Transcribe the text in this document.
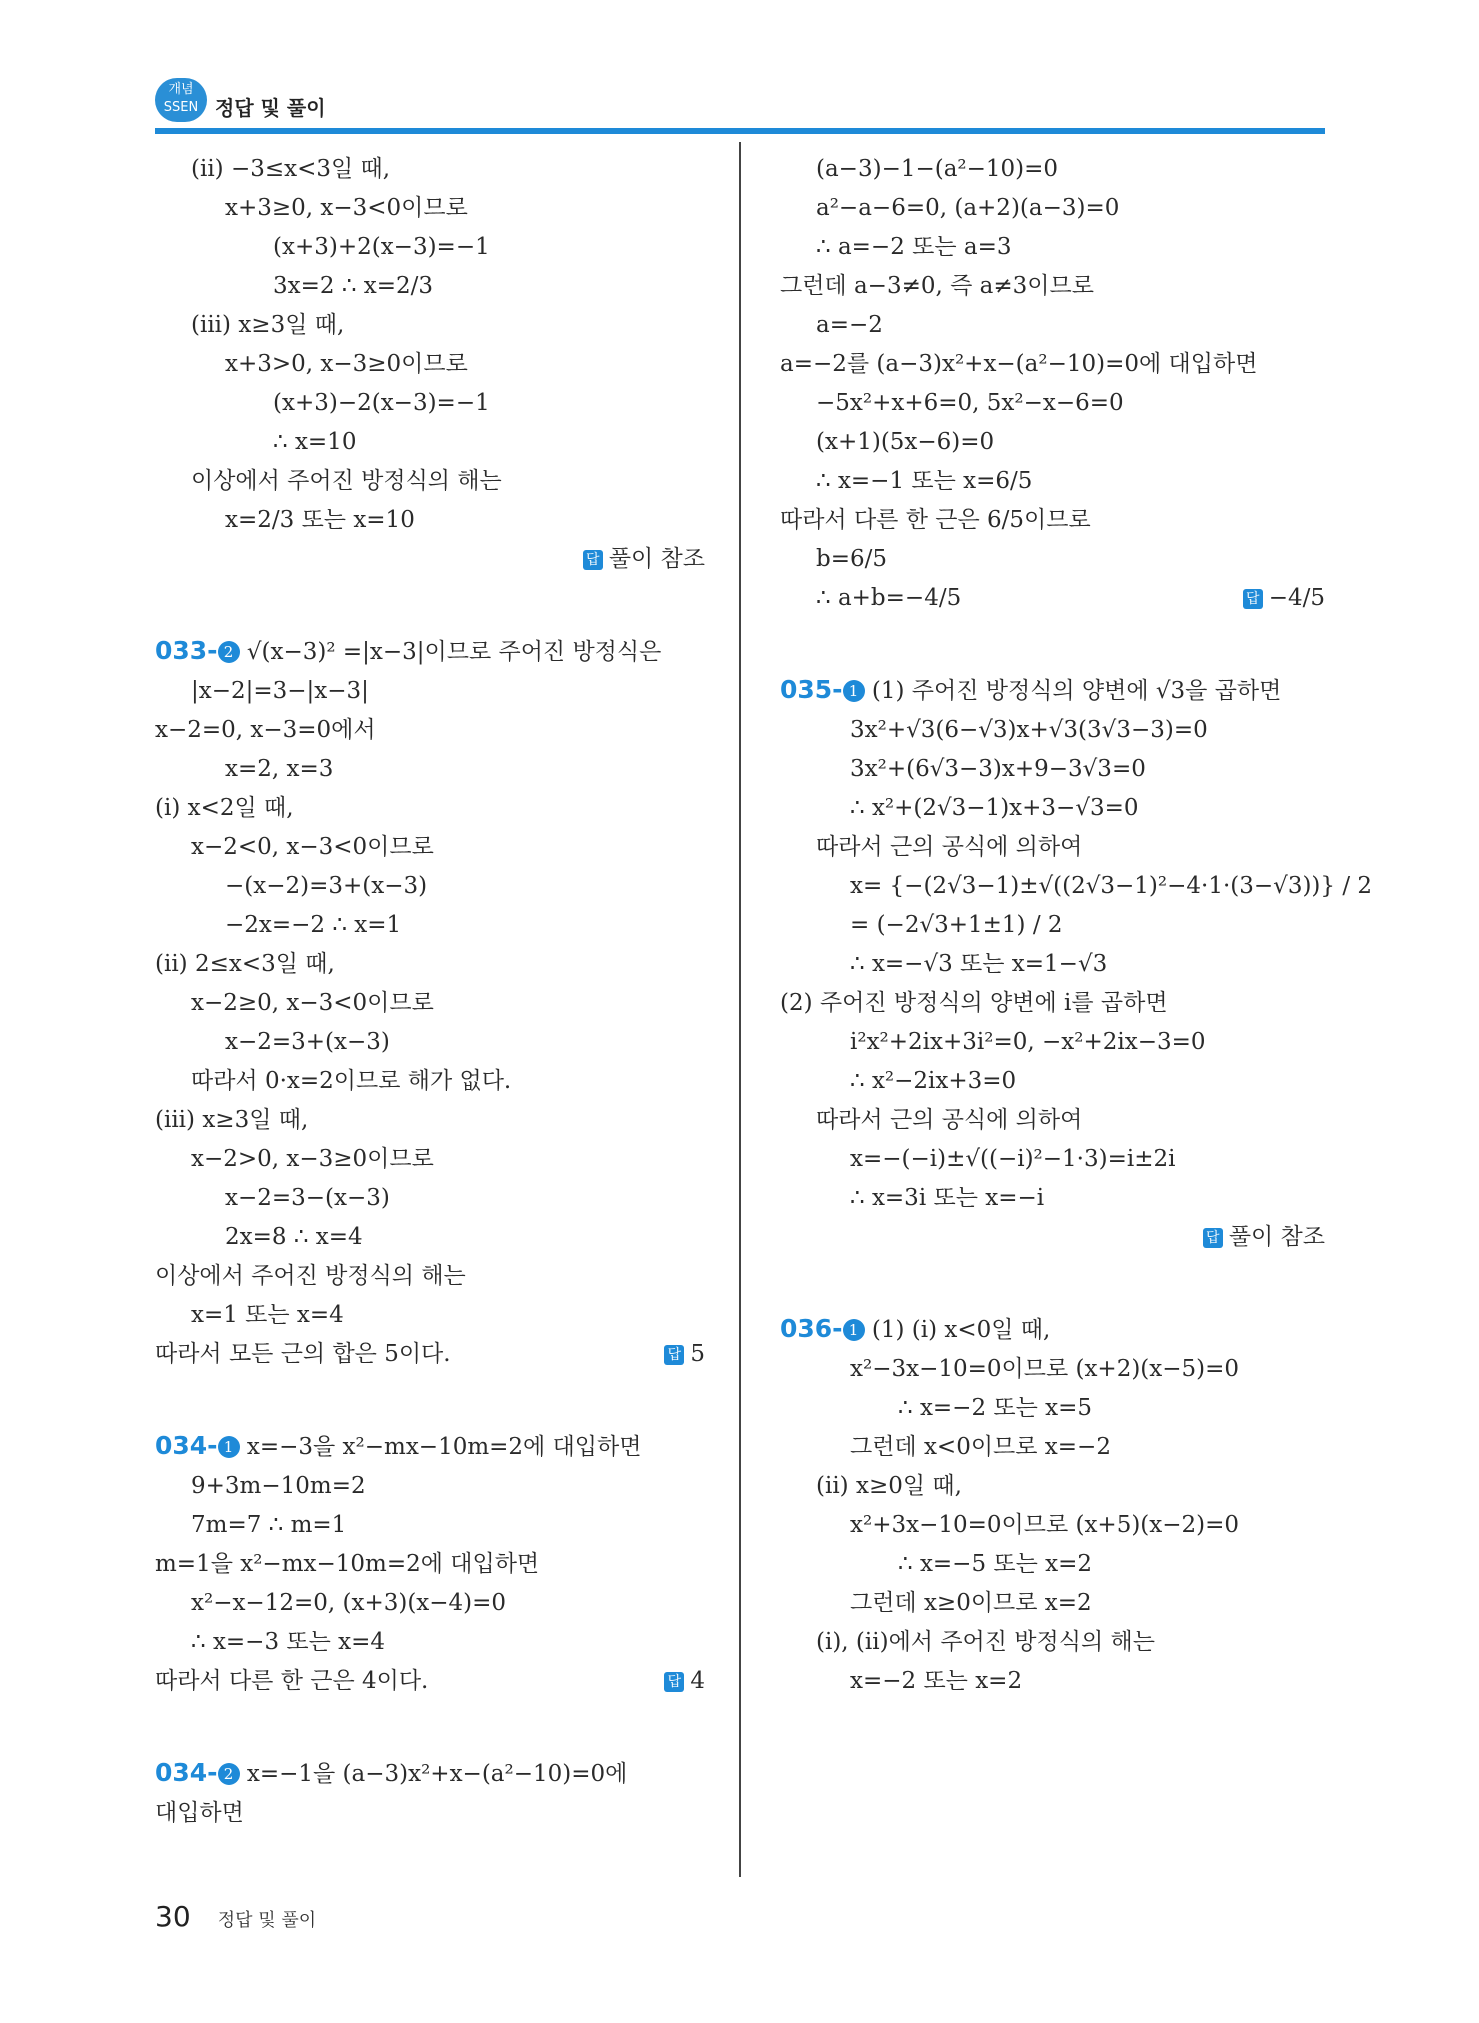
개념
SSEN 정답 및 풀이
(ii) −3≤x<3일 때,
x+3≥0, x−3<0이므로
(x+3)+2(x−3)=−1
3x=2 ∴ x=2/3
(iii) x≥3일 때,
x+3>0, x−3≥0이므로
(x+3)−2(x−3)=−1
∴ x=10
이상에서 주어진 방정식의 해는
x=2/3 또는 x=10
답 풀이 참조
033- 2 √(x−3)² =|x−3|이므로 주어진 방정식은
|x−2|=3−|x−3|
x−2=0, x−3=0에서
x=2, x=3
(i) x<2일 때,
x−2<0, x−3<0이므로
−(x−2)=3+(x−3)
−2x=−2 ∴ x=1
(ii) 2≤x<3일 때,
x−2≥0, x−3<0이므로
x−2=3+(x−3)
따라서 0·x=2이므로 해가 없다.
(iii) x≥3일 때,
x−2>0, x−3≥0이므로
x−2=3−(x−3)
2x=8 ∴ x=4
이상에서 주어진 방정식의 해는
x=1 또는 x=4
따라서 모든 근의 합은 5이다.	답 5
034- 1 x=−3을 x²−mx−10m=2에 대입하면
9+3m−10m=2
7m=7 ∴ m=1
m=1을 x²−mx−10m=2에 대입하면
x²−x−12=0, (x+3)(x−4)=0
∴ x=−3 또는 x=4
따라서 다른 한 근은 4이다.	답 4
034- 2 x=−1을 (a−3)x²+x−(a²−10)=0에
대입하면
(a−3)−1−(a²−10)=0
a²−a−6=0, (a+2)(a−3)=0
∴ a=−2 또는 a=3
그런데 a−3≠0, 즉 a≠3이므로
a=−2
a=−2를 (a−3)x²+x−(a²−10)=0에 대입하면
−5x²+x+6=0, 5x²−x−6=0
(x+1)(5x−6)=0
∴ x=−1 또는 x=6/5
따라서 다른 한 근은 6/5이므로
b=6/5
∴ a+b=−4/5	답 −4/5
035- 1 (1) 주어진 방정식의 양변에 √3을 곱하면
3x²+√3(6−√3)x+√3(3√3−3)=0
3x²+(6√3−3)x+9−3√3=0
∴ x²+(2√3−1)x+3−√3=0
따라서 근의 공식에 의하여
x= {−(2√3−1)±√((2√3−1)²−4·1·(3−√3))} / 2
= (−2√3+1±1) / 2
∴ x=−√3 또는 x=1−√3
(2) 주어진 방정식의 양변에 i를 곱하면
i²x²+2ix+3i²=0, −x²+2ix−3=0
∴ x²−2ix+3=0
따라서 근의 공식에 의하여
x=−(−i)±√((−i)²−1·3)=i±2i
∴ x=3i 또는 x=−i
답 풀이 참조
036- 1 (1) (i) x<0일 때,
x²−3x−10=0이므로 (x+2)(x−5)=0
∴ x=−2 또는 x=5
그런데 x<0이므로 x=−2
(ii) x≥0일 때,
x²+3x−10=0이므로 (x+5)(x−2)=0
∴ x=−5 또는 x=2
그런데 x≥0이므로 x=2
(i), (ii)에서 주어진 방정식의 해는
x=−2 또는 x=2
30 정답 및 풀이
